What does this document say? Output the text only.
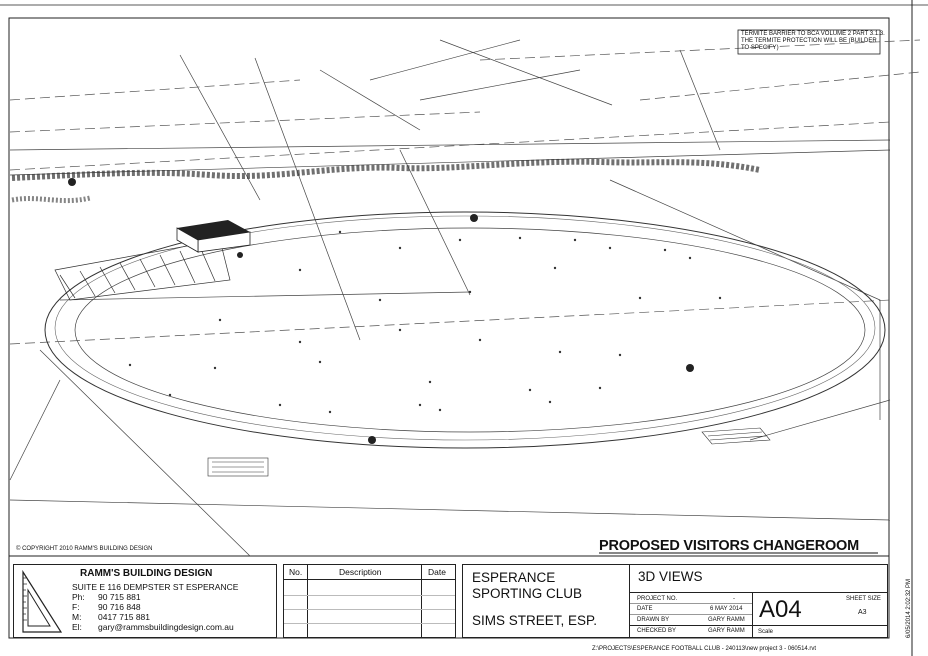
TERMITE BARRIER TO BCA VOLUME 2 PART 3.1.3.
THE TERMITE PROTECTION WILL BE (BUILDER
TO SPECIFY)
© COPYRIGHT 2010 RAMM'S BUILDING DESIGN	PROPOSED VISITORS CHANGEROOM
RAMM'S BUILDING DESIGN
SUITE E 116 DEMPSTER ST ESPERANCE
Ph: 90 715 881
F: 90 716 848
M: 0417 715 881
El: gary@rammsbuildingdesign.com.au
No.	Description	Date ESPERANCE
SPORTING CLUB
SIMS STREET, ESP.
3D VIEWS
PROJECT NO.	-
DATE	6 MAY 2014
DRAWN BY	GARY RAMM
CHECKED BY	GARY RAMM
A04	SHEET SIZE
A3
Scale
Z:\PROJECTS\ESPERANCE FOOTBALL CLUB - 240113\new project 3 - 060514.rvt
6/05/2014 2:02:32 PM
